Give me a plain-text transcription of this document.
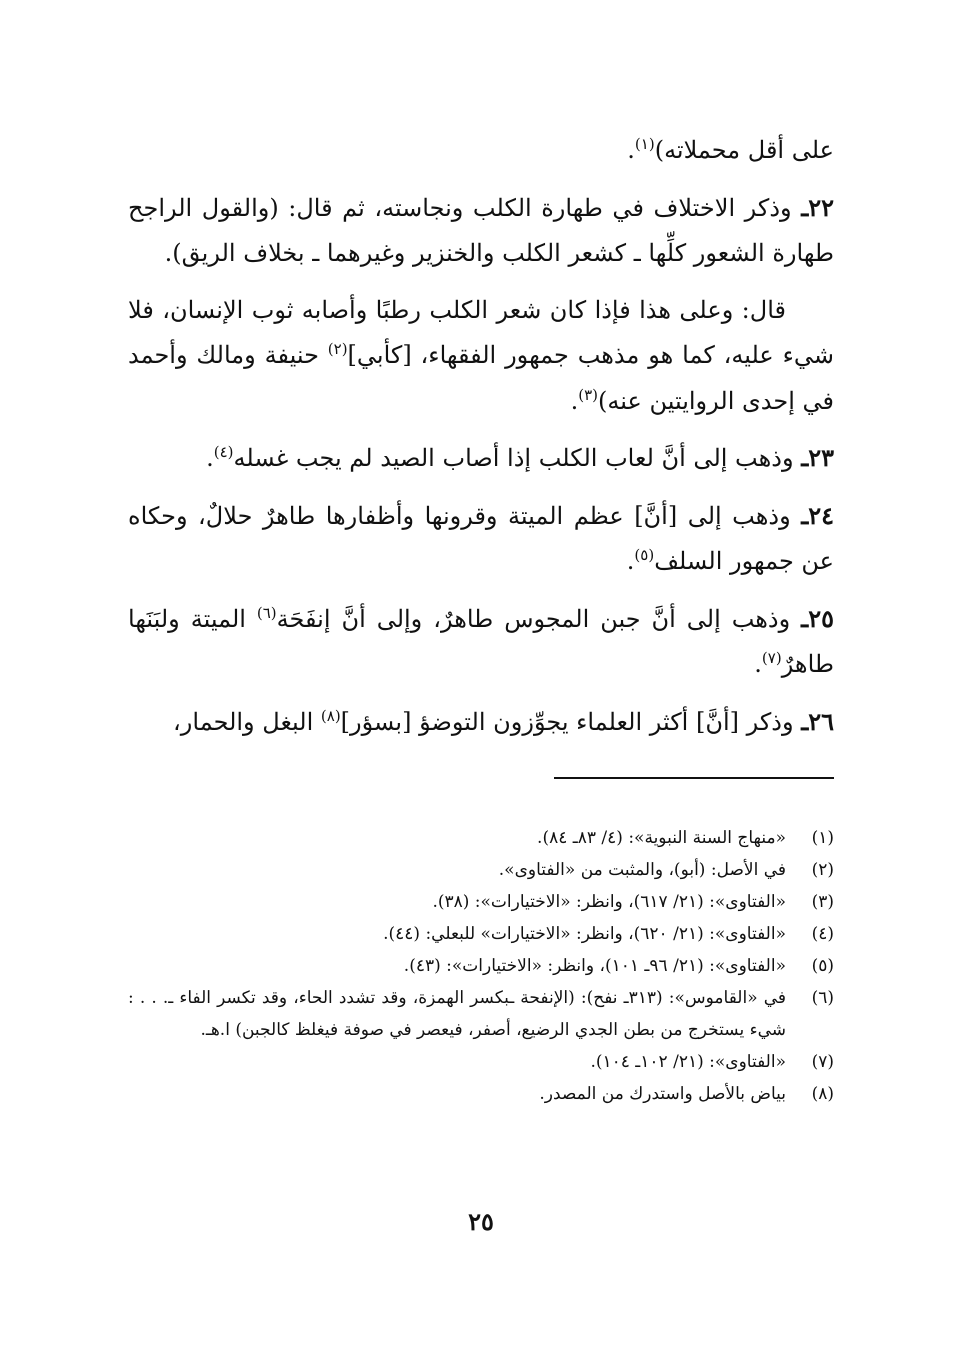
على أقل محملاته)$^{(١)}$.

٢٢ـ وذكر الاختلاف في طهارة الكلب ونجاسته، ثم قال: (والقول الراجح طهارة الشعور كلِّها ـ كشعر الكلب والخنزير وغيرهما ـ بخلاف الريق).

قال: وعلى هذا فإذا كان شعر الكلب رطبًا وأصابه ثوب الإنسان، فلا شيء عليه، كما هو مذهب جمهور الفقهاء، [كأبي]$^{(٢)}$ حنيفة ومالك وأحمد في إحدى الروايتين عنه)$^{(٣)}$.

٢٣ـ وذهب إلى أنَّ لعاب الكلب إذا أصاب الصيد لم يجب غسله$^{(٤)}$.

٢٤ـ وذهب إلى [أنَّ] عظم الميتة وقرونها وأظفارها طاهرٌ حلالٌ، وحكاه عن جمهور السلف$^{(٥)}$.

٢٥ـ وذهب إلى أنَّ جبن المجوس طاهرٌ، وإلى أنَّ إنفَحَة$^{(٦)}$ الميتة ولبَنَها طاهرٌ$^{(٧)}$.

٢٦ـ وذكر [أنَّ] أكثر العلماء يجوِّزون التوضؤ [بسؤر]$^{(٨)}$ البغل والحمار،

(١)
«منهاج السنة النبوية»: (٤/ ٨٣ـ ٨٤).
(٢)
في الأصل: (أبو)، والمثبت من «الفتاوى».
(٣)
«الفتاوى»: (٢١/ ٦١٧)، وانظر: «الاختيارات»: (٣٨).
(٤)
«الفتاوى»: (٢١/ ٦٢٠)، وانظر: «الاختيارات» للبعلي: (٤٤).
(٥)
«الفتاوى»: (٢١/ ٩٦ـ ١٠١)، وانظر: «الاختيارات»: (٤٣).
(٦)
في «القاموس»: (٣١٣ـ نفح): (الإنفحة ـبكسر الهمزة، وقد تشدد الحاء، وقد تكسر الفاء ـ. . . : شيء يستخرج من بطن الجدي الرضيع، أصفر، فيعصر في صوفة فيغلظ كالجبن) ا.هـ.
(٧)
«الفتاوى»: (٢١/ ١٠٢ـ ١٠٤).
(٨)
بياض بالأصل واستدرك من المصدر.
٢٥
